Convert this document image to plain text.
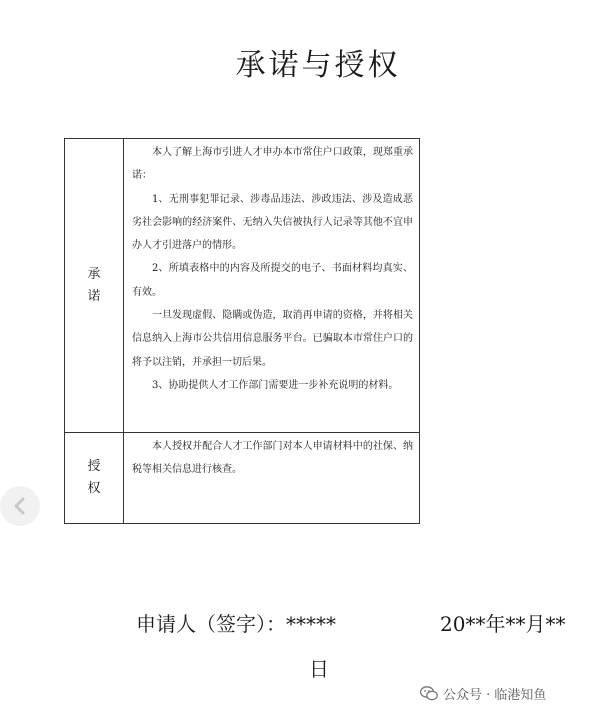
承诺与授权
承诺	本人了解上海市引进人才申办本市常住户口政策，现郑重承诺：

1、无刑事犯罪记录、涉毒品违法、涉政违法、涉及造成恶劣社会影响的经济案件、无纳入失信被执行人记录等其他不宜申办人才引进落户的情形。

2、所填表格中的内容及所提交的电子、书面材料均真实、有效。

一旦发现虚假、隐瞒或伪造，取消再申请的资格，并将相关信息纳入上海市公共信用信息服务平台。已骗取本市常住户口的将予以注销，并承担一切后果。

3、协助提供人才工作部门需要进一步补充说明的材料。

授权	本人授权并配合人才工作部门对本人申请材料中的社保、纳税等相关信息进行核查。

申请人（签字）：*****	20**年**月**
日
公众号 · 临港知鱼
